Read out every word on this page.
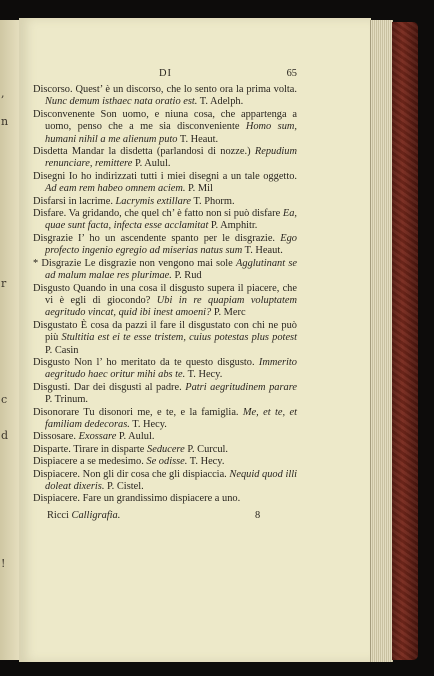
,
n
r
c
d
!
DI	65

Discorso. Quest’ è un discorso, che lo sento ora la prima volta. Nunc demum isthaec nata oratio est. T. Adelph.

Disconvenente Son uomo, e niuna cosa, che appartenga a uomo, penso che a me sia disconveniente Homo sum, humani nihil a me alienum puto T. Heaut.

Disdetta Mandar la disdetta (parlandosi di nozze.) Repudium renunciare, remittere P. Aulul.

Disegni Io ho indirizzati tutti i miei disegni a un tale oggetto. Ad eam rem habeo omnem aciem. P. Mil

Disfarsi in lacrime. Lacrymis extillare T. Phorm.

Disfare. Va gridando, che quel ch’ è fatto non si può disfare Ea, quae sunt facta, infecta esse acclamitat P. Amphitr.

Disgrazie I’ ho un ascendente spanto per le disgrazie. Ego profecto ingenio egregio ad miserias natus sum T. Heaut.

* Disgrazie Le disgrazie non vengono mai sole Agglutinant se ad malum malae res plurimae. P. Rud

Disgusto Quando in una cosa il disgusto supera il piacere, che vi è egli di giocondo? Ubi in re quapiam voluptatem aegritudo vincat, quid ibi inest amoeni? P. Merc

Disgustato È cosa da pazzi il fare il disgustato con chi ne può più Stultitia est ei te esse tristem, cuius potestas plus potest P. Casin

Disgusto Non l’ ho meritato da te questo disgusto. Immerito aegritudo haec oritur mihi abs te. T. Hecy.

Disgusti. Dar dei disgusti al padre. Patri aegritudinem parare P. Trinum.

Disonorare Tu disonori me, e te, e la famiglia. Me, et te, et familiam dedecoras. T. Hecy.

Dissosare. Exossare P. Aulul.

Disparte. Tirare in disparte Seducere P. Curcul.

Dispiacere a se medesimo. Se odisse. T. Hecy.

Dispiacere. Non gli dir cosa che gli dispiaccia. Nequid quod illi doleat dixeris. P. Cistel.

Dispiacere. Fare un grandissimo dispiacere a uno.

Ricci Calligrafia.	8
